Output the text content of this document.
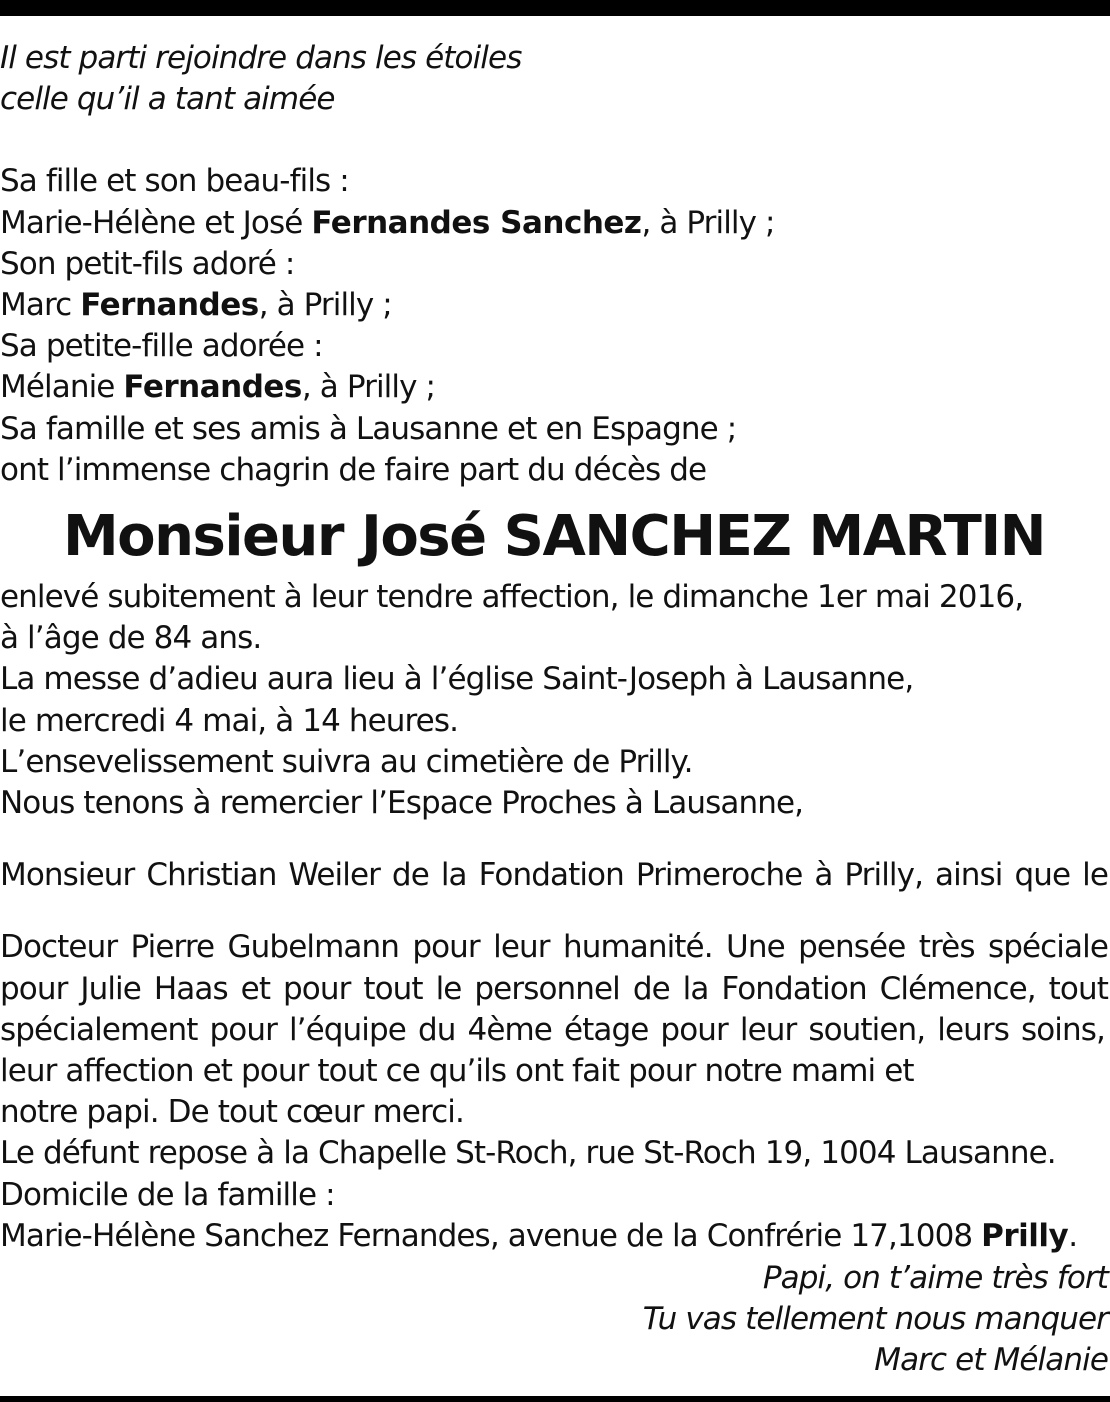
Il est parti rejoindre dans les étoiles

celle qu’il a tant aimée

Sa fille et son beau-fils :

Marie-Hélène et José Fernandes Sanchez, à Prilly ;

Son petit-fils adoré :

Marc Fernandes, à Prilly ;

Sa petite-fille adorée :

Mélanie Fernandes, à Prilly ;

Sa famille et ses amis à Lausanne et en Espagne ;

ont l’immense chagrin de faire part du décès de

Monsieur José SANCHEZ MARTIN

enlevé subitement à leur tendre affection, le dimanche 1er mai 2016,

à l’âge de 84 ans.

La messe d’adieu aura lieu à l’église Saint-Joseph à Lausanne,

le mercredi 4 mai, à 14 heures.

L’ensevelissement suivra au cimetière de Prilly.

Nous tenons à remercier l’Espace Proches à Lausanne,

Monsieur Christian Weiler de la Fondation Primeroche à Prilly, ainsi que le

Docteur Pierre Gubelmann pour leur humanité. Une pensée très spéciale

pour Julie Haas et pour tout le personnel de la Fondation Clémence, tout

spécialement pour l’équipe du 4ème étage pour leur soutien, leurs soins,

leur affection et pour tout ce qu’ils ont fait pour notre mami et

notre papi. De tout cœur merci.

Le défunt repose à la Chapelle St-Roch, rue St-Roch 19, 1004 Lausanne.

Domicile de la famille :

Marie-Hélène Sanchez Fernandes, avenue de la Confrérie 17,1008 Prilly.

Papi, on t’aime très fort

Tu vas tellement nous manquer

Marc et Mélanie
